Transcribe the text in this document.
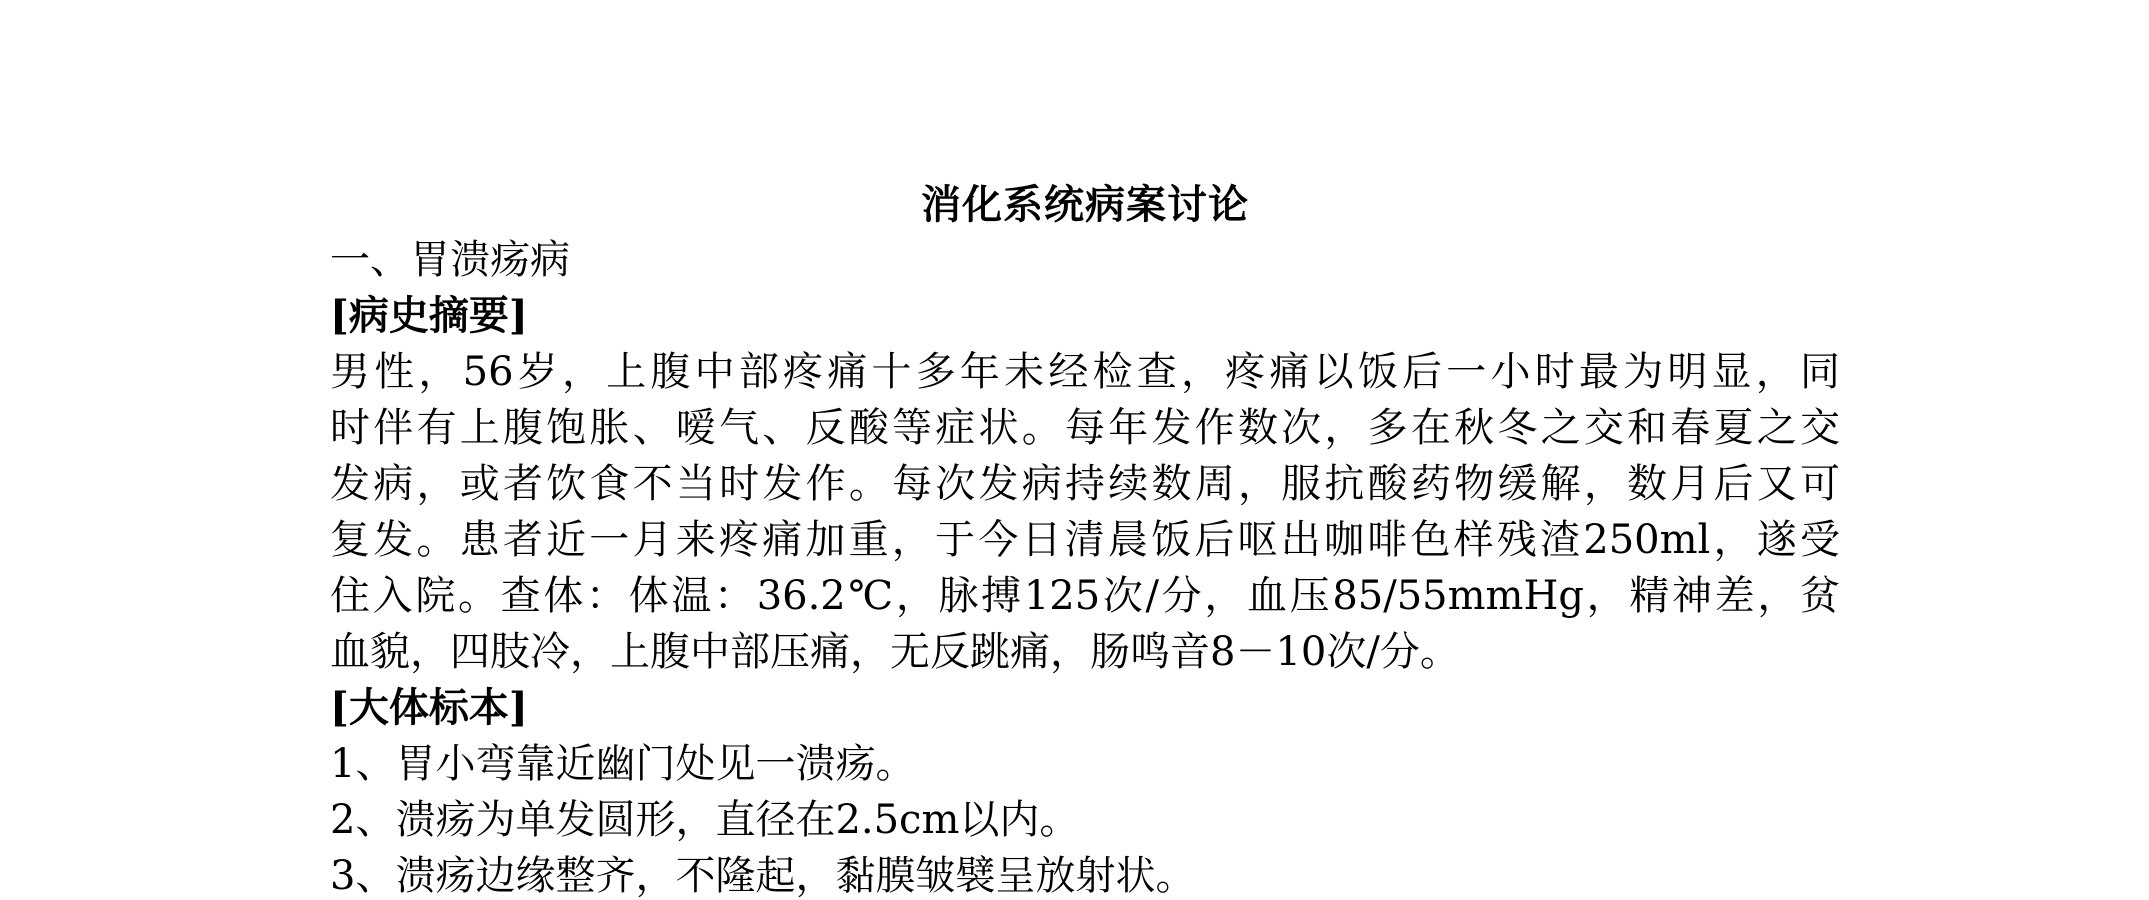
消化系统病案讨论
一、胃溃疡病
[病史摘要]
男性，56岁，上腹中部疼痛十多年未经检查，疼痛以饭后一小时最为明显，同
时伴有上腹饱胀、嗳气、反酸等症状。每年发作数次，多在秋冬之交和春夏之交
发病，或者饮食不当时发作。每次发病持续数周，服抗酸药物缓解，数月后又可
复发。患者近一月来疼痛加重，于今日清晨饭后呕出咖啡色样残渣250ml，遂受
住入院。查体：体温：36.2℃，脉搏125次/分，血压85/55mmHg，精神差，贫
血貌，四肢冷，上腹中部压痛，无反跳痛，肠鸣音8－10次/分。
[大体标本]
1、胃小弯靠近幽门处见一溃疡。
2、溃疡为单发圆形，直径在2.5cm以内。
3、溃疡边缘整齐，不隆起，黏膜皱襞呈放射状。
